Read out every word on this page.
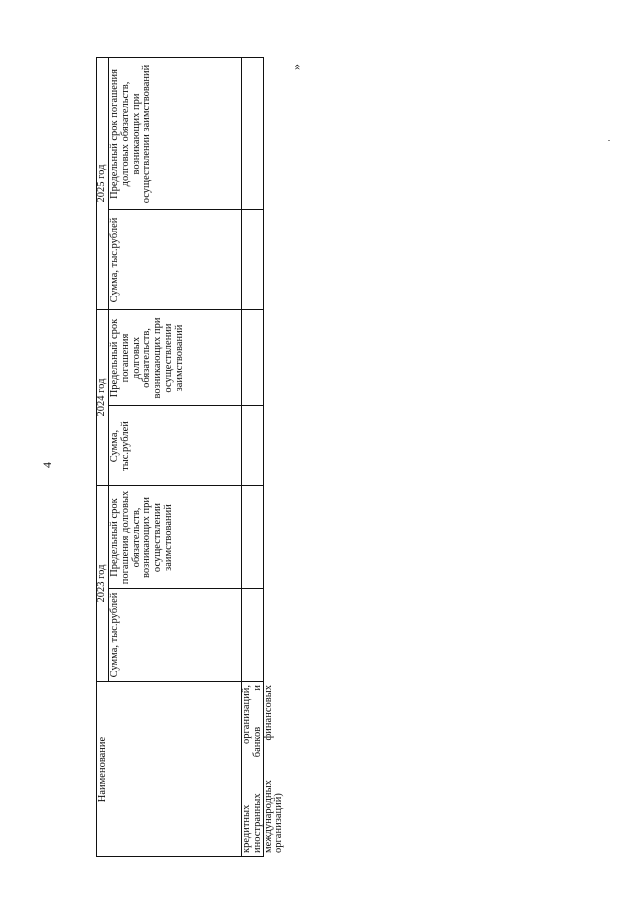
4
»
Наименование
2023 год
2024 год
2025 год
Сумма, тыс.рублей
Предельный срок погашения долговых обязательств, возникающих при осуществлении заимствований
Сумма, тыс.рублей
Предельный срок погашения долговых обязательств, возникающих при осуществлении заимствований
Сумма, тыс.рублей
Предельный срок погашения долговых обязательств, возникающих при осуществлении заимствований
кредитных организаций, иностранных банков и международных финансовых организаций)
